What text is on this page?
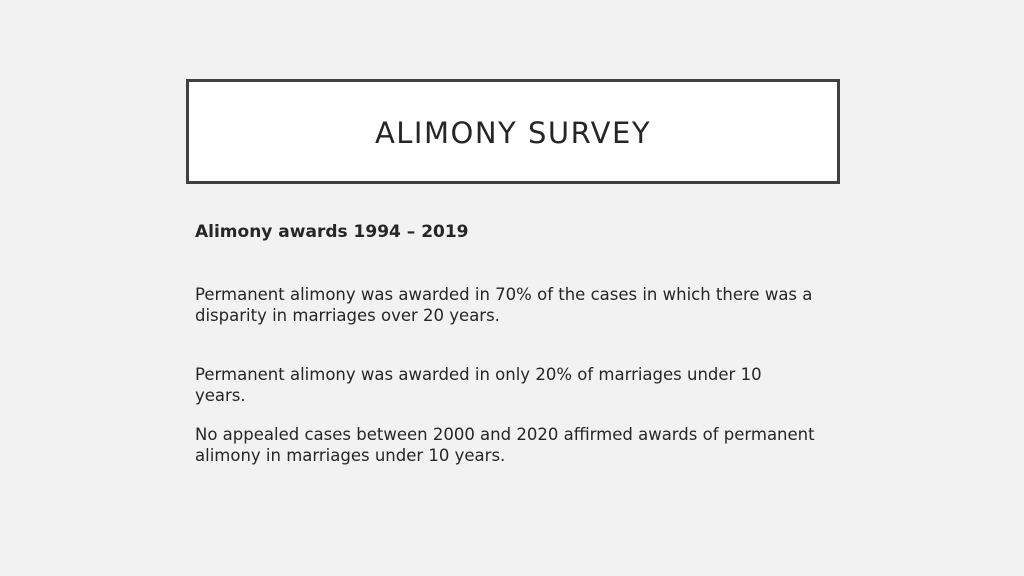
ALIMONY SURVEY

Alimony awards 1994 – 2019

Permanent alimony was awarded in 70% of the cases in which there was a disparity in marriages over 20 years.

Permanent alimony was awarded in only 20% of marriages under 10 years.

No appealed cases between 2000 and 2020 affirmed awards of permanent alimony in marriages under 10 years.
